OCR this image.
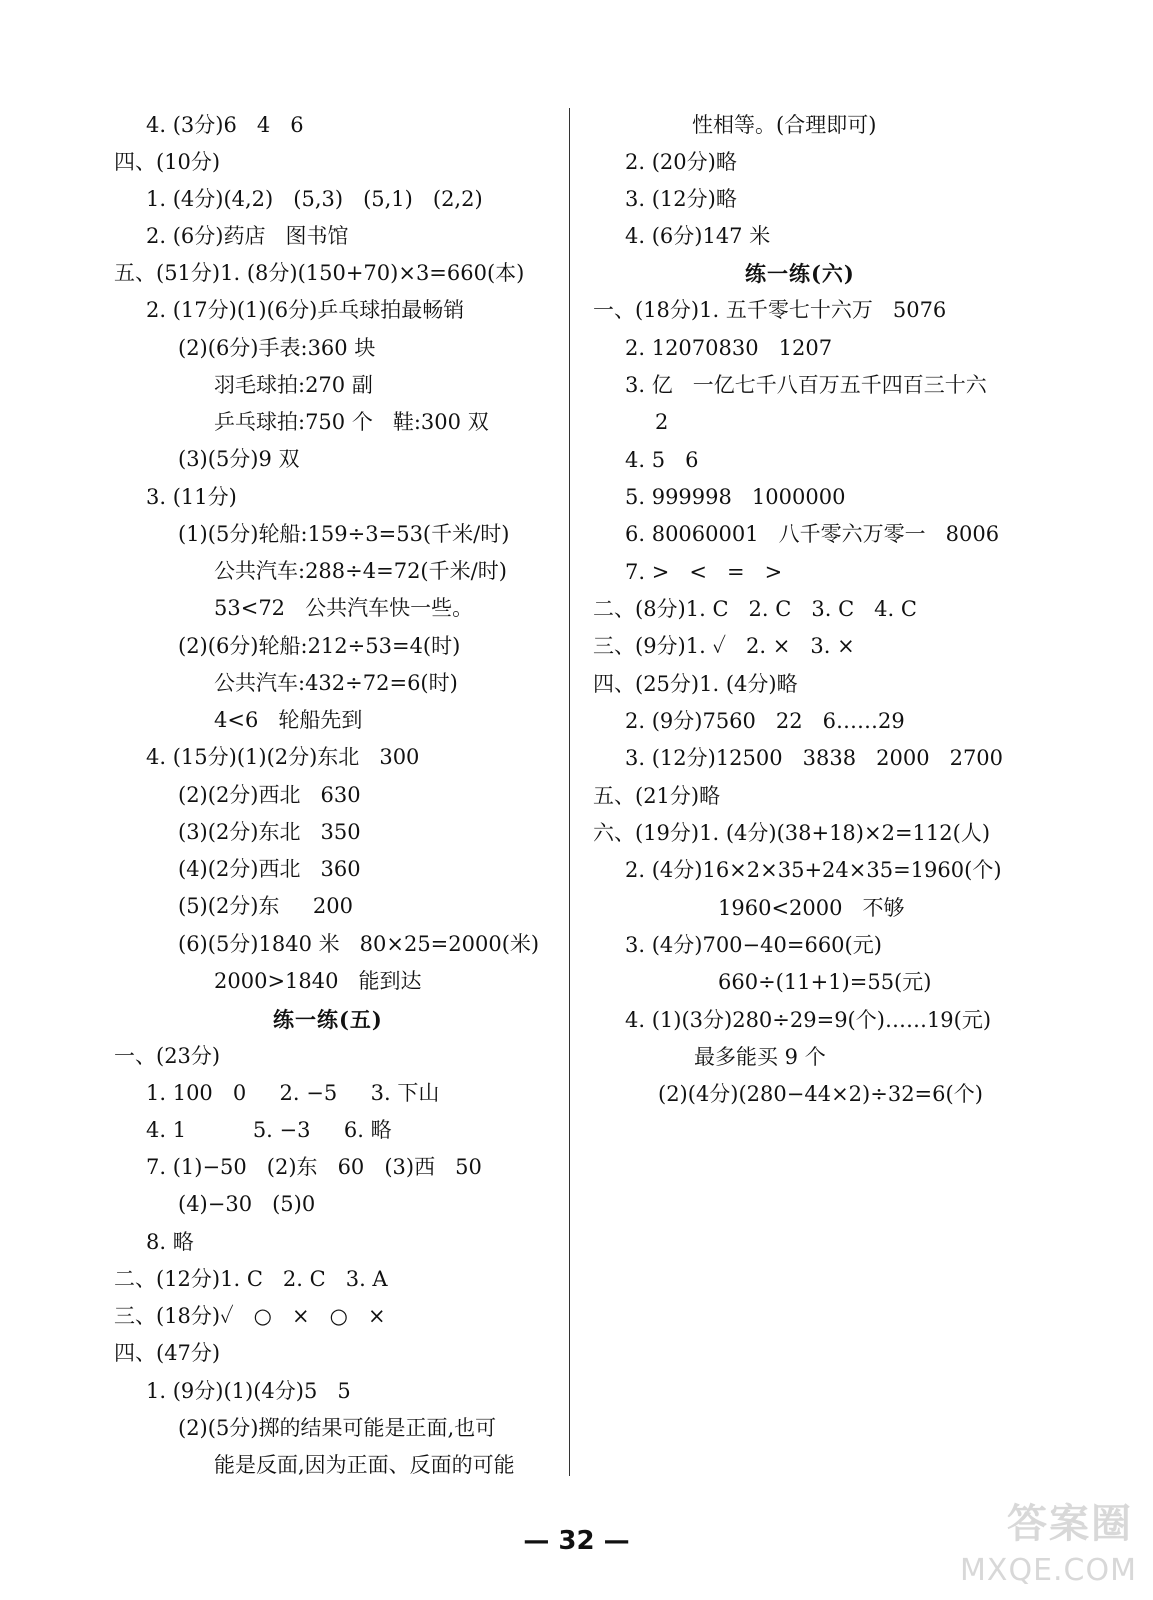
4. (3分)6   4   6
四、(10分)
1. (4分)(4,2)   (5,3)   (5,1)   (2,2)
2. (6分)药店   图书馆
五、(51分)1. (8分)(150+70)×3=660(本)
2. (17分)(1)(6分)乒乓球拍最畅销
(2)(6分)手表:360 块
羽毛球拍:270 副
乒乓球拍:750 个   鞋:300 双
(3)(5分)9 双
3. (11分)
(1)(5分)轮船:159÷3=53(千米/时)
公共汽车:288÷4=72(千米/时)
53<72   公共汽车快一些。
(2)(6分)轮船:212÷53=4(时)
公共汽车:432÷72=6(时)
4<6   轮船先到
4. (15分)(1)(2分)东北   300
(2)(2分)西北   630
(3)(2分)东北   350
(4)(2分)西北   360
(5)(2分)东     200
(6)(5分)1840 米   80×25=2000(米)
2000>1840   能到达
练一练(五)
一、(23分)
1. 100   0     2. −5     3. 下山
4. 1          5. −3     6. 略
7. (1)−50   (2)东   60   (3)西   50
(4)−30   (5)0
8. 略
二、(12分)1. C   2. C   3. A
三、(18分)✓   ○   ×   ○   ×
四、(47分)
1. (9分)(1)(4分)5   5
(2)(5分)掷的结果可能是正面,也可
能是反面,因为正面、反面的可能
性相等。(合理即可)
2. (20分)略
3. (12分)略
4. (6分)147 米
练一练(六)
一、(18分)1. 五千零七十六万   5076
2. 12070830   1207
3. 亿   一亿七千八百万五千四百三十六
2
4. 5   6
5. 999998   1000000
6. 80060001   八千零六万零一   8006
7. >   <   =   >
二、(8分)1. C   2. C   3. C   4. C
三、(9分)1. ✓   2. ×   3. ×
四、(25分)1. (4分)略
2. (9分)7560   22   6……29
3. (12分)12500   3838   2000   2700
五、(21分)略
六、(19分)1. (4分)(38+18)×2=112(人)
2. (4分)16×2×35+24×35=1960(个)
1960<2000   不够
3. (4分)700−40=660(元)
660÷(11+1)=55(元)
4. (1)(3分)280÷29=9(个)……19(元)
最多能买 9 个
(2)(4分)(280−44×2)÷32=6(个)
— 32 —	答案圈
MXQE.COM
